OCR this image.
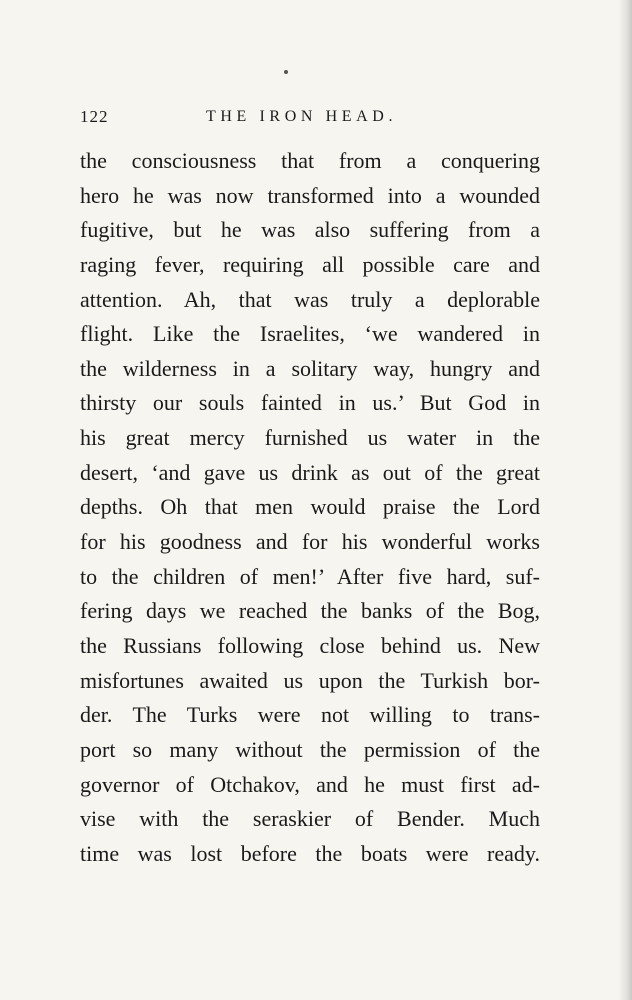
122	THE IRON HEAD.
the consciousness that from a conquering
hero he was now transformed into a wounded
fugitive, but he was also suffering from a
raging fever, requiring all possible care and
attention. Ah, that was truly a deplorable
flight. Like the Israelites, ‘we wandered in
the wilderness in a solitary way, hungry and
thirsty our souls fainted in us.’ But God in
his great mercy furnished us water in the
desert, ‘and gave us drink as out of the great
depths. Oh that men would praise the Lord
for his goodness and for his wonderful works
to the children of men!’ After five hard, suf-
fering days we reached the banks of the Bog,
the Russians following close behind us. New
misfortunes awaited us upon the Turkish bor-
der. The Turks were not willing to trans-
port so many without the permission of the
governor of Otchakov, and he must first ad-
vise with the seraskier of Bender. Much
time was lost before the boats were ready.
